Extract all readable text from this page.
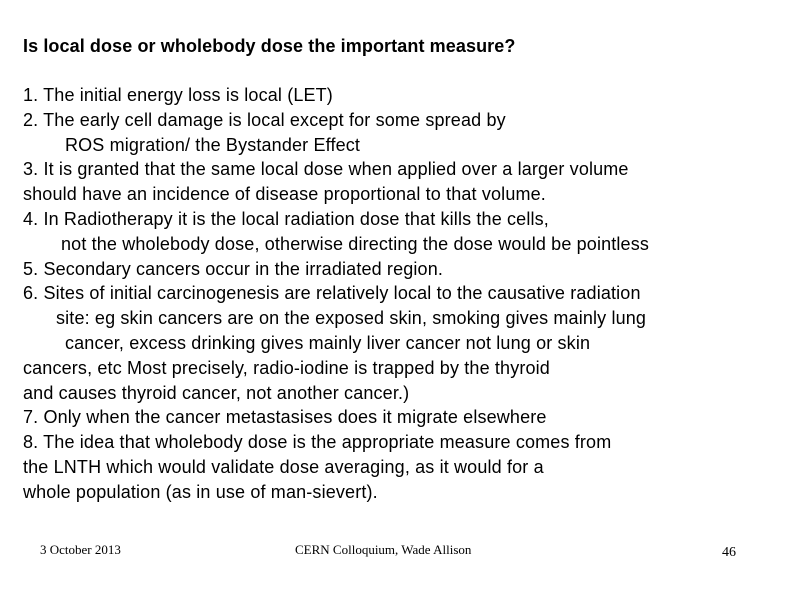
Is local dose or wholebody dose the important measure?
1. The initial energy loss is local (LET)
2. The early cell damage is local except for some spread by
ROS migration/ the Bystander Effect
3. It is granted that the same local dose when applied over a larger volume
should have an incidence of disease proportional to that volume.
4. In Radiotherapy it is the local radiation dose that kills the cells,
not the wholebody dose, otherwise directing the dose would be pointless
5. Secondary cancers occur in the irradiated region.
6. Sites of initial carcinogenesis are relatively local to the causative radiation
site: eg skin cancers are on the exposed skin, smoking gives mainly lung
cancer, excess drinking gives mainly liver cancer not lung or skin
cancers, etc Most precisely, radio-iodine is trapped by the thyroid
and causes thyroid cancer, not another cancer.)
7. Only when the cancer metastasises does it migrate elsewhere
8. The idea that wholebody dose is the appropriate measure comes from
the LNTH which would validate dose averaging, as it would for a
whole population (as in use of man-sievert).
3 October 2013	CERN Colloquium, Wade Allison	46
